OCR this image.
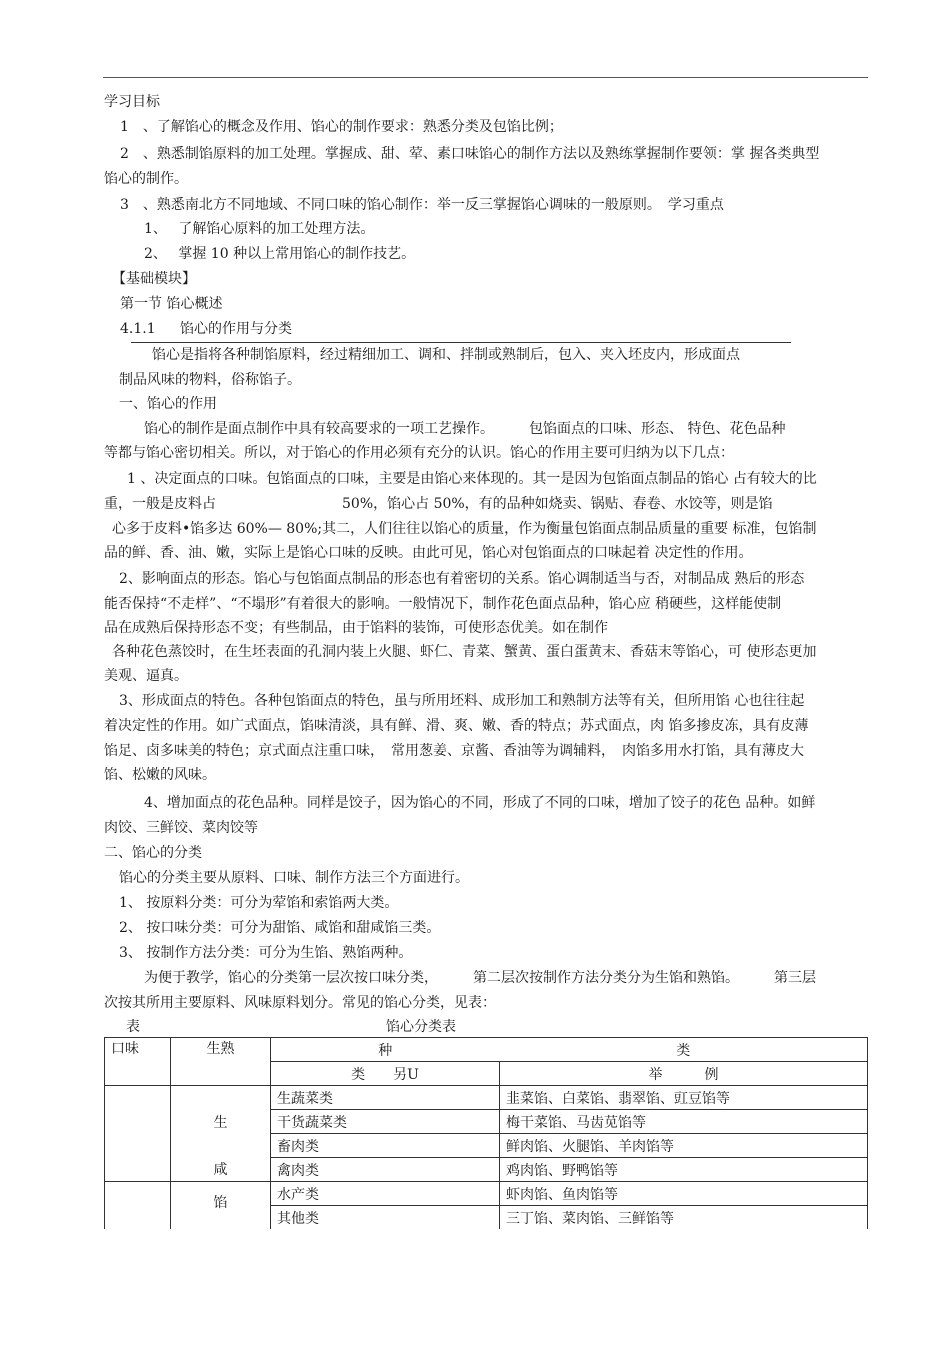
学习目标

1　、了解馅心的概念及作用、馅心的制作要求：熟悉分类及包馅比例；

2　、熟悉制馅原料的加工处理。掌握成、甜、荤、素口味馅心的制作方法以及熟练掌握制作要领：掌 握各类典型

馅心的制作。

3　、熟悉南北方不同地域、不同口味的馅心制作：举一反三掌握馅心调味的一般原则。　学习重点

1、　 了解馅心原料的加工处理方法。

2、　 掌握 10 种以上常用馅心的制作技艺。

【基础模块】

第一节 馅心概述

4.1.1 馅心的作用与分类

馅心是指将各种制馅原料，经过精细加工、调和、拌制或熟制后，包入、夹入坯皮内，形成面点

制品风味的物料，俗称馅子。

一、馅心的作用

馅心的制作是面点制作中具有较高要求的一项工艺操作。　　　包馅面点的口味、形态、 特色、花色品种

等都与馅心密切相关。所以，对于馅心的作用必须有充分的认识。馅心的作用主要可归纳为以下几点：

1 、决定面点的口味。包馅面点的口味，主要是由馅心来体现的。其一是因为包馅面点制品的馅心 占有较大的比

重，一般是皮料占　　　　　　　　　50%，馅心占 50%，有的品种如烧卖、锅贴、春卷、水饺等，则是馅

心多于皮料•馅多达 60%— 80%;其二，人们往往以馅心的质量，作为衡量包馅面点制品质量的重要 标准，包馅制

品的鲜、香、油、嫩，实际上是馅心口味的反映。由此可见，馅心对包馅面点的口味起着 决定性的作用。

2、影响面点的形态。馅心与包馅面点制品的形态也有着密切的关系。馅心调制适当与否，对制品成 熟后的形态

能否保持“不走样”、“不塌形”有着很大的影响。一般情况下，制作花色面点品种，馅心应 稍硬些，这样能使制

品在成熟后保持形态不变；有些制品，由于馅料的装饰，可使形态优美。如在制作

各种花色蒸饺时，在生坯表面的孔洞内装上火腿、虾仁、青菜、蟹黄、蛋白蛋黄末、香菇末等馅心，可 使形态更加

美观、逼真。

3、形成面点的特色。各种包馅面点的特色，虽与所用坯料、成形加工和熟制方法等有关，但所用馅 心也往往起

着决定性的作用。如广式面点，馅味清淡，具有鲜、滑、爽、嫩、香的特点；苏式面点，肉 馅多掺皮冻，具有皮薄

馅足、卤多味美的特色；京式面点注重口味，　常用葱姜、京酱、香油等为调辅料，　肉馅多用水打馅，具有薄皮大

馅、松嫩的风味。

4、增加面点的花色品种。同样是饺子，因为馅心的不同，形成了不同的口味，增加了饺子的花色 品种。如鲜

肉饺、三鲜饺、菜肉饺等

二、馅心的分类

馅心的分类主要从原料、口味、制作方法三个方面进行。

1、 按原料分类：可分为荤馅和索馅两大类。

2、 按口味分类：可分为甜馅、咸馅和甜咸馅三类。

3、 按制作方法分类：可分为生馅、熟馅两种。

为便于教学，馅心的分类第一层次按口味分类，　　　第二层次按制作方法分类分为生馅和熟馅。　　　第三层

次按其所用主要原料、风味原料划分。常见的馅心分类，见表：

表	馅心分类表

口味	生熟	种	类
		类　　另U	举　　　例
		生蔬菜类	韭菜馅、白菜馅、翡翠馅、豇豆馅等
	生	干货蔬菜类	梅干菜馅、马齿苋馅等
		畜肉类	鲜肉馅、火腿馅、羊肉馅等
	咸	禽肉类	鸡肉馅、野鸭馅等
	馅	水产类	虾肉馅、鱼肉馅等
		其他类	三丁馅、菜肉馅、三鲜馅等
